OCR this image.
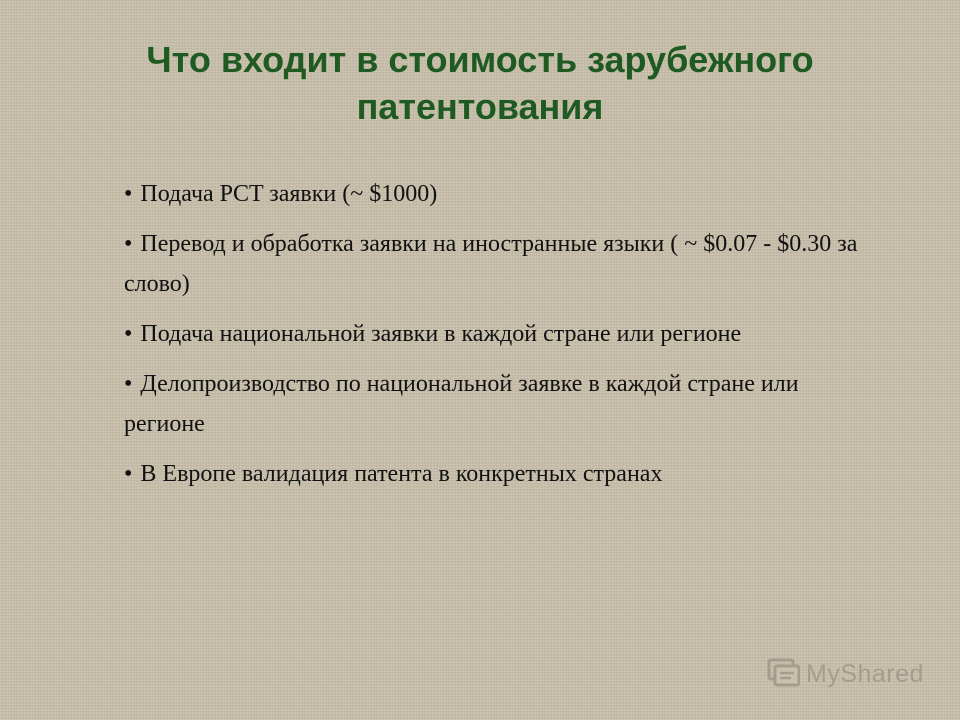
Что входит в стоимость зарубежного патентования
• Подача PCT заявки (~ $1000)
• Перевод и обработка заявки на иностранные языки ( ~ $0.07 - $0.30 за слово)
• Подача национальной заявки в каждой стране или регионе
• Делопроизводство по национальной заявке в каждой стране или регионе
• В Европе валидация патента в конкретных странах
MyShared
